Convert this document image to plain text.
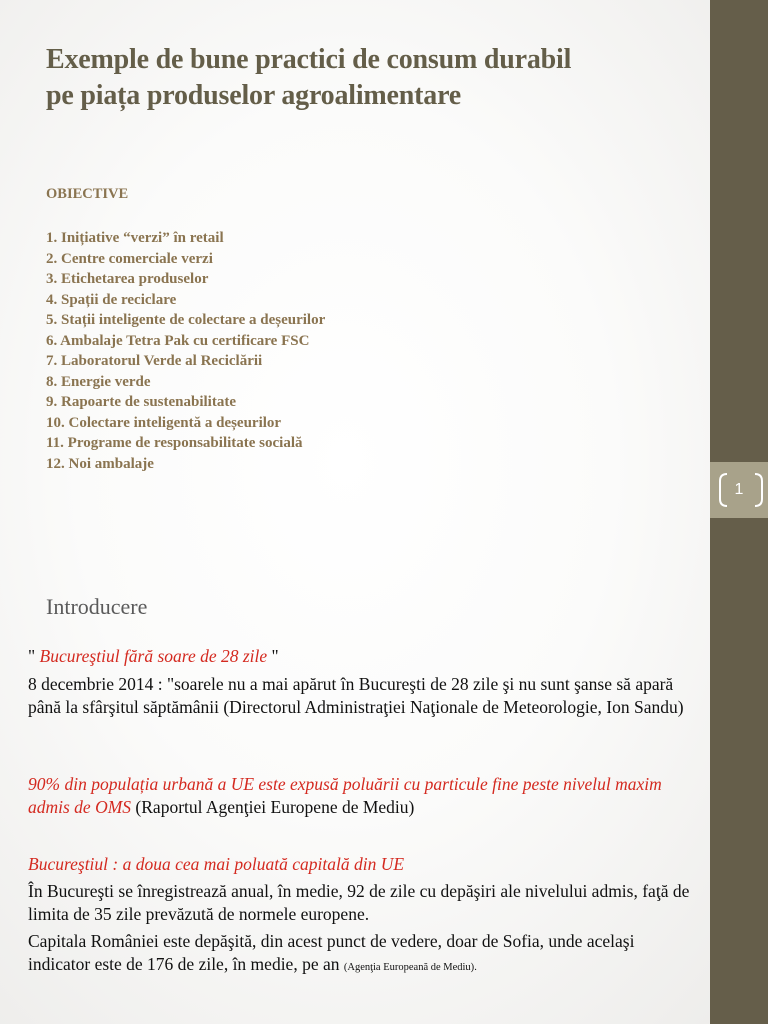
1
Exemple de bune practici de consum durabil
pe piața produselor agroalimentare
OBIECTIVE
1. Inițiative “verzi” în retail
2. Centre comerciale verzi
3. Etichetarea produselor
4. Spații de reciclare
5. Stații inteligente de colectare a deșeurilor
6. Ambalaje Tetra Pak cu certificare FSC
7. Laboratorul Verde al Reciclării
8. Energie verde
9. Rapoarte de sustenabilitate
10. Colectare inteligentă a deșeurilor
11. Programe de responsabilitate socială
12. Noi ambalaje
Introducere
" Bucureştiul fără soare de 28 zile "
8 decembrie 2014 : "soarele nu a mai apărut în Bucureşti de 28 zile şi nu sunt şanse să apară până la sfârşitul săptămânii (Directorul Administraţiei Naţionale de Meteorologie, Ion Sandu)
90% din populația urbană a UE este expusă poluării cu particule fine peste nivelul maxim admis de OMS (Raportul Agenţiei Europene de Mediu)
Bucureştiul : a doua cea mai poluată capitală din UE
În Bucureşti se înregistrează anual, în medie, 92 de zile cu depăşiri ale nivelului admis, faţă de limita de 35 zile prevăzută de normele europene.
Capitala României este depăşită, din acest punct de vedere, doar de Sofia, unde acelaşi indicator este de 176 de zile, în medie, pe an (Agenţia Europeană de Mediu).
